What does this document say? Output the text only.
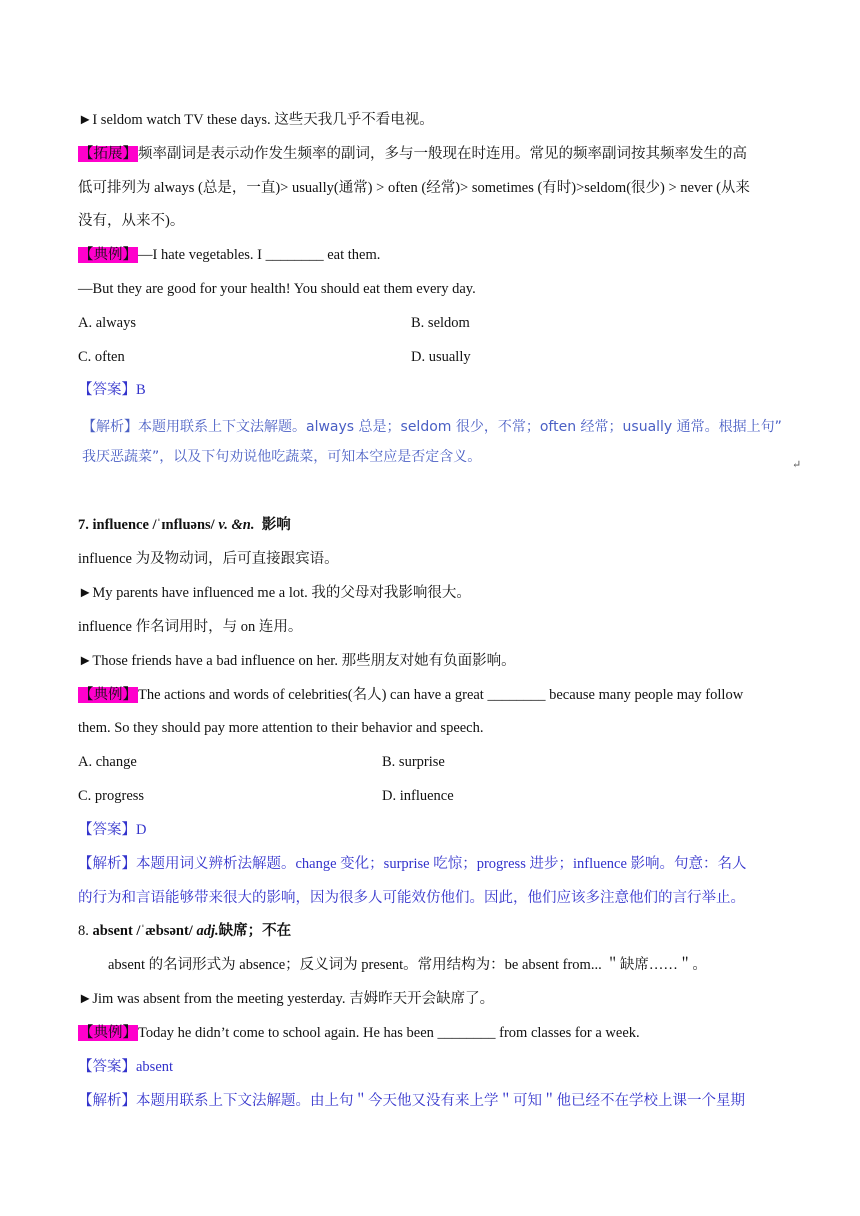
►I seldom watch TV these days. 这些天我几乎不看电视。
【拓展】频率副词是表示动作发生频率的副词，多与一般现在时连用。常见的频率副词按其频率发生的高
低可排列为 always (总是，一直)> usually(通常) > often (经常)> sometimes (有时)>seldom(很少) > never (从来
没有，从来不)。
【典例】—I hate vegetables. I ________ eat them.
—But they are good for your health! You should eat them every day.
A. always	B. seldom
C. often	D. usually
【答案】B
【解析】本题用联系上下文法解题。always 总是；seldom 很少，不常；often 经常；usually 通常。根据上句”
我厌恶蔬菜”，以及下句劝说他吃蔬菜，可知本空应是否定含义。	↵
7. influence /ˈɪnfluəns/ v. &n. 影响
influence 为及物动词，后可直接跟宾语。
►My parents have influenced me a lot. 我的父母对我影响很大。
influence 作名词用时，与 on 连用。
►Those friends have a bad influence on her. 那些朋友对她有负面影响。
【典例】The actions and words of celebrities(名人) can have a great ________ because many people may follow
them. So they should pay more attention to their behavior and speech.
A. change	B. surprise
C. progress	D. influence
【答案】D
【解析】本题用词义辨析法解题。change 变化；surprise 吃惊；progress 进步；influence 影响。句意：名人
的行为和言语能够带来很大的影响，因为很多人可能效仿他们。因此，他们应该多注意他们的言行举止。
8. absent /ˈæbsənt/ adj.缺席；不在
absent 的名词形式为 absence；反义词为 present。常用结构为：be absent from... ＂缺席……＂。
►Jim was absent from the meeting yesterday. 吉姆昨天开会缺席了。
【典例】Today he didn’t come to school again. He has been ________ from classes for a week.
【答案】absent
【解析】本题用联系上下文法解题。由上句＂今天他又没有来上学＂可知＂他已经不在学校上课一个星期
